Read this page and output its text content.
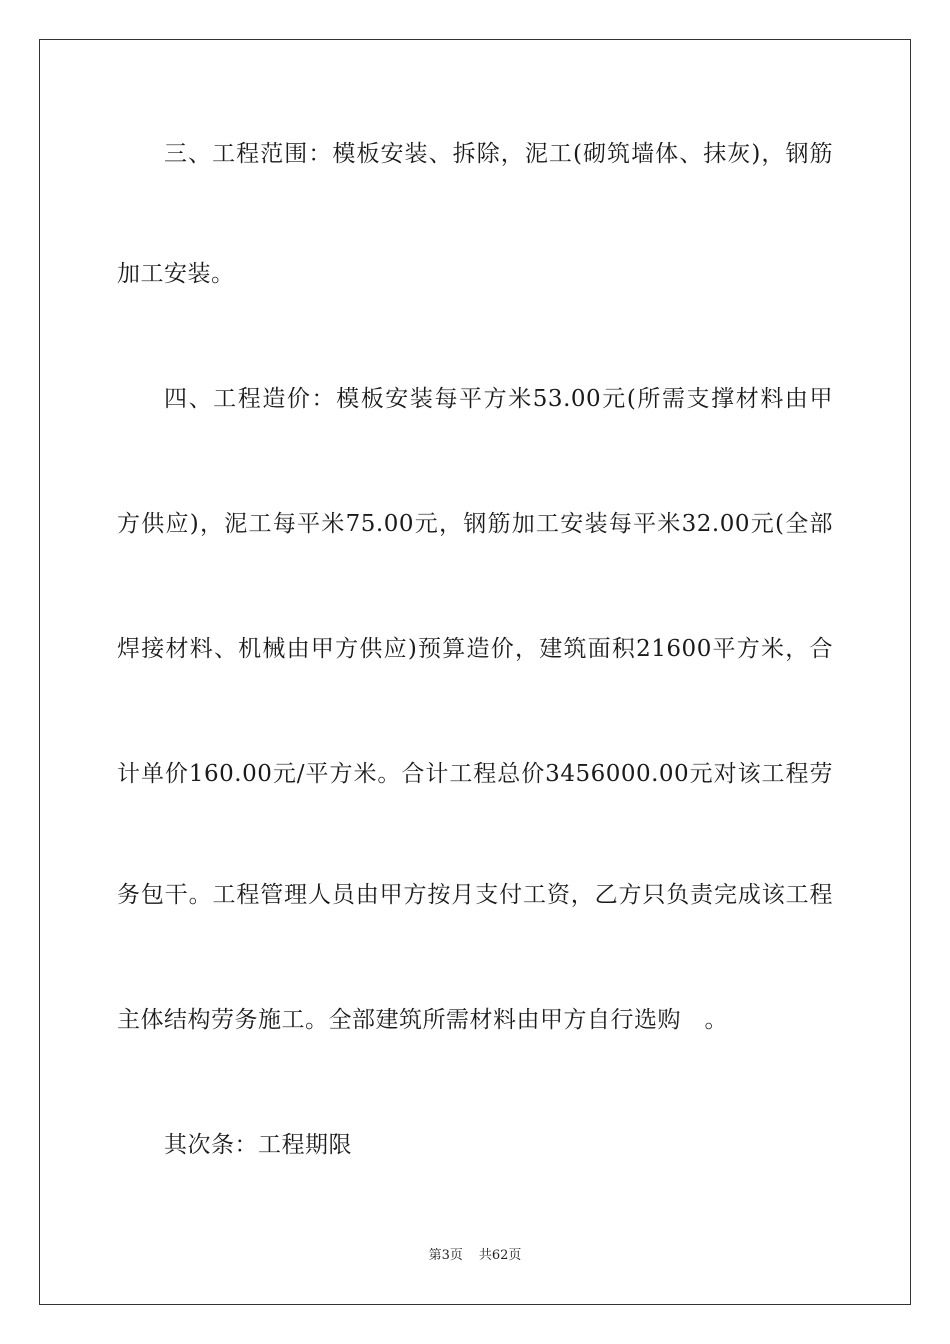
三、工程范围：模板安装、拆除，泥工(砌筑墙体、抹灰)，钢筋
加工安装。
四、工程造价：模板安装每平方米53.00元(所需支撑材料由甲
方供应)，泥工每平米75.00元，钢筋加工安装每平米32.00元(全部
焊接材料、机械由甲方供应)预算造价，建筑面积21600平方米，合
计单价160.00元/平方米。合计工程总价3456000.00元对该工程劳
务包干。工程管理人员由甲方按月支付工资，乙方只负责完成该工程
主体结构劳务施工。全部建筑所需材料由甲方自行选购　。
其次条：工程期限
第3页 共62页
